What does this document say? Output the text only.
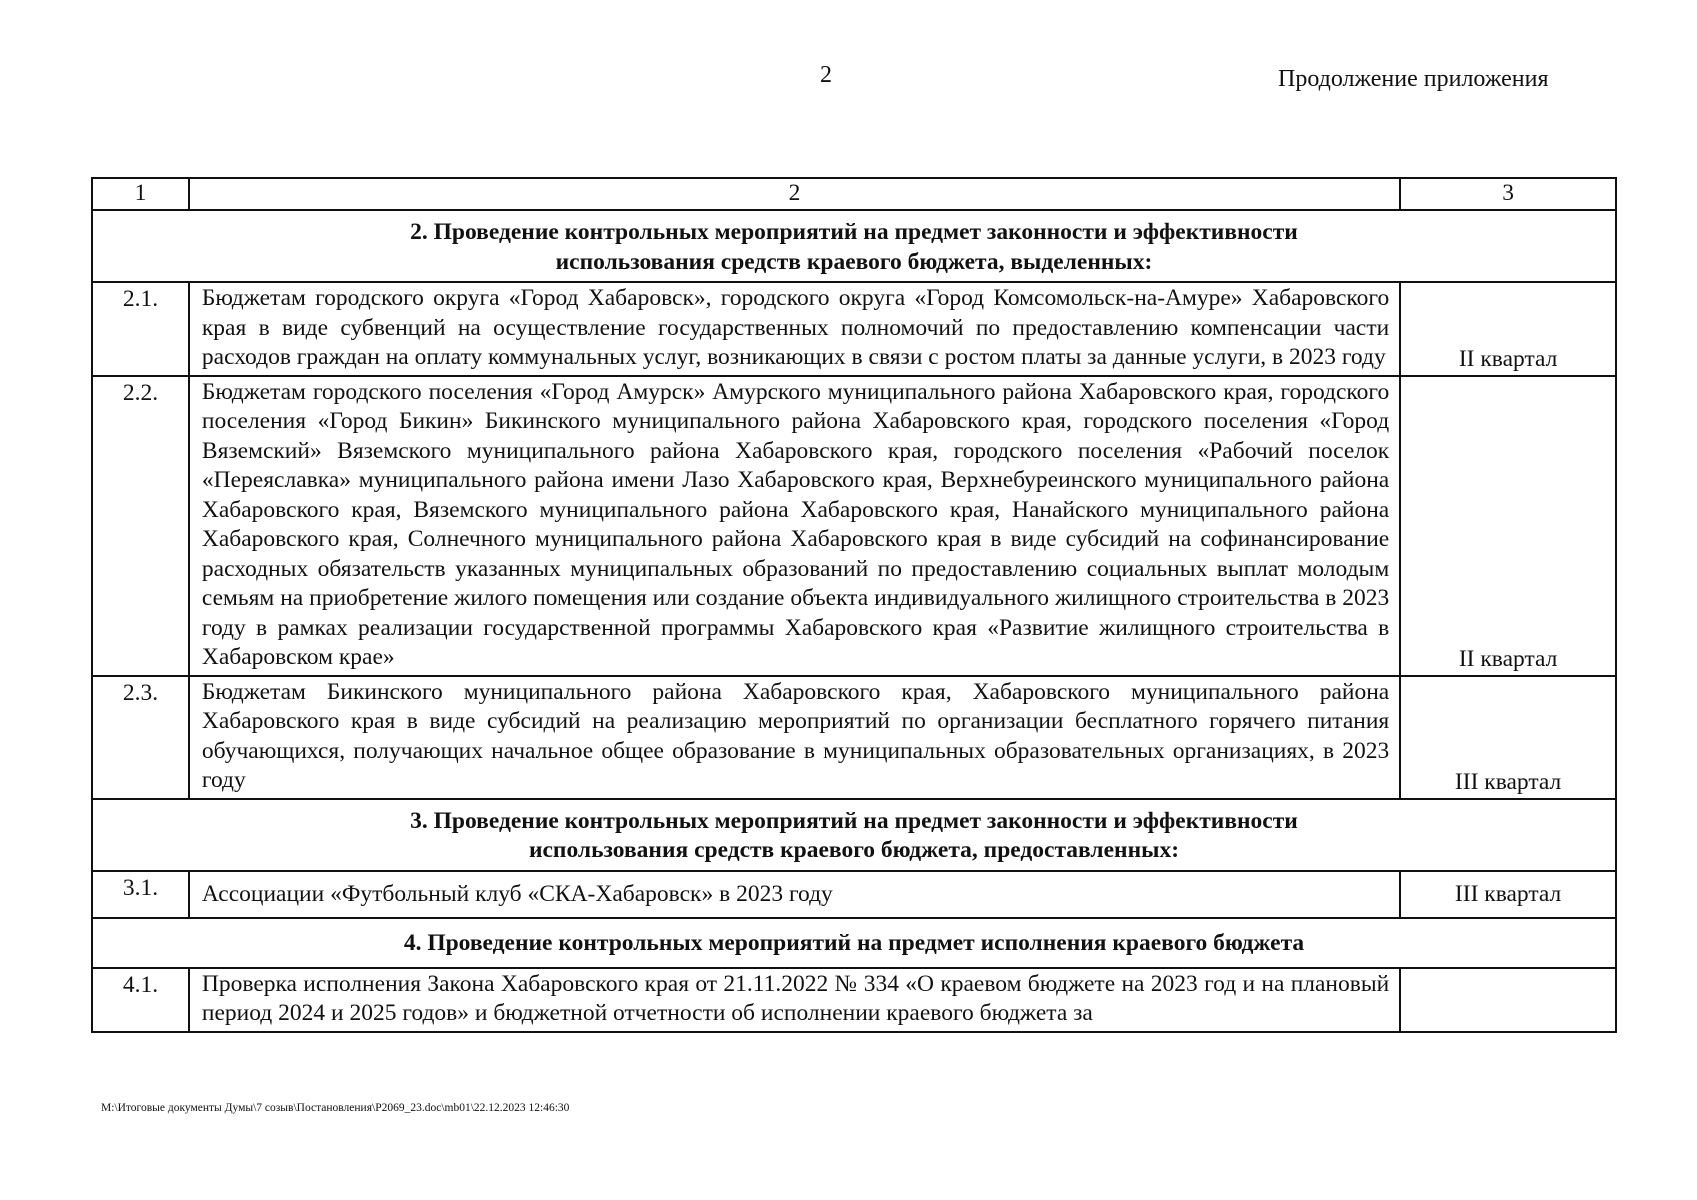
2	Продолжение приложения
1	2	3
2. Проведение контрольных мероприятий на предмет законности и эффективности
использования средств краевого бюджета, выделенных:		
2.1.	Бюджетам городского округа «Город Хабаровск», городского округа «Город Комсомольск-на-Амуре» Хабаровского края в виде субвенций на осуществление государственных полномочий по предоставлению компенсации части расходов граждан на оплату коммунальных услуг, возникающих в связи с ростом платы за данные услуги, в 2023 году	II квартал
2.2.	Бюджетам городского поселения «Город Амурск» Амурского муниципального района Хабаровского края, городского поселения «Город Бикин» Бикинского муниципального района Хабаровского края, городского поселения «Город Вяземский» Вяземского муниципального района Хабаровского края, городского поселения «Рабочий поселок «Переяславка» муниципального района имени Лазо Хабаровского края, Верхнебуреинского муниципального района Хабаровского края, Вяземского муниципального района Хабаровского края, Нанайского муниципального района Хабаровского края, Солнечного муниципального района Хабаровского края в виде субсидий на софинансирование расходных обязательств указанных муниципальных образований по предоставлению социальных выплат молодым семьям на приобретение жилого помещения или создание объекта индивидуального жилищного строительства в 2023 году в рамках реализации государственной программы Хабаровского края «Развитие жилищного строительства в Хабаровском крае»	II квартал
2.3.	Бюджетам Бикинского муниципального района Хабаровского края, Хабаровского муниципального района Хабаровского края в виде субсидий на реализацию мероприятий по организации бесплатного горячего питания обучающихся, получающих начальное общее образование в муниципальных образовательных организациях, в 2023 году	III квартал
3. Проведение контрольных мероприятий на предмет законности и эффективности
использования средств краевого бюджета, предоставленных:		
3.1.	Ассоциации «Футбольный клуб «СКА-Хабаровск» в 2023 году	III квартал
4. Проведение контрольных мероприятий на предмет исполнения краевого бюджета		
4.1.	Проверка исполнения Закона Хабаровского края от 21.11.2022 № 334 «О краевом бюджете на 2023 год и на плановый период 2024 и 2025 годов» и бюджетной отчетности об исполнении краевого бюджета за	
M:\Итоговые документы Думы\7 созыв\Постановления\P2069_23.doc\mb01\22.12.2023 12:46:30
